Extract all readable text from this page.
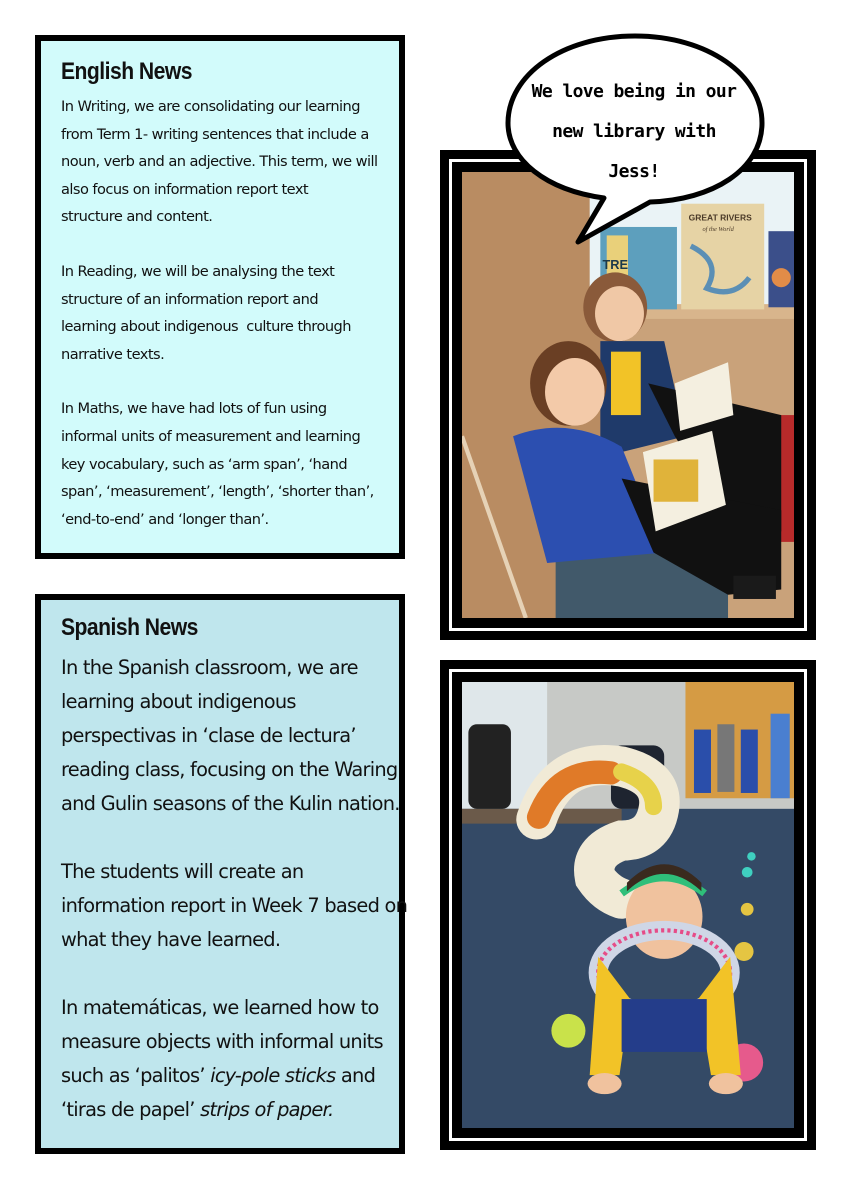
English News

In Writing, we are consolidating our learning
from Term 1- writing sentences that include a
noun, verb and an adjective. This term, we will
also focus on information report text
structure and content.

In Reading, we will be analysing the text
structure of an information report and
learning about indigenous  culture through
narrative texts.

In Maths, we have had lots of fun using
informal units of measurement and learning
key vocabulary, such as ‘arm span’, ‘hand
span’, ‘measurement’, ‘length’, ‘shorter than’,
‘end-to-end’ and ‘longer than’.

Spanish News

In the Spanish classroom, we are
learning about indigenous
perspectivas in ‘clase de lectura’
reading class, focusing on the Waring
and Gulin seasons of the Kulin nation.

The students will create an
information report in Week 7 based on
what they have learned.

In matemáticas, we learned how to
measure objects with informal units
such as ‘palitos’ icy-pole sticks and
‘tiras de papel’ strips of paper.

TRE
GREAT RIVERS
of the World
We love being in our
new library with
Jess!
